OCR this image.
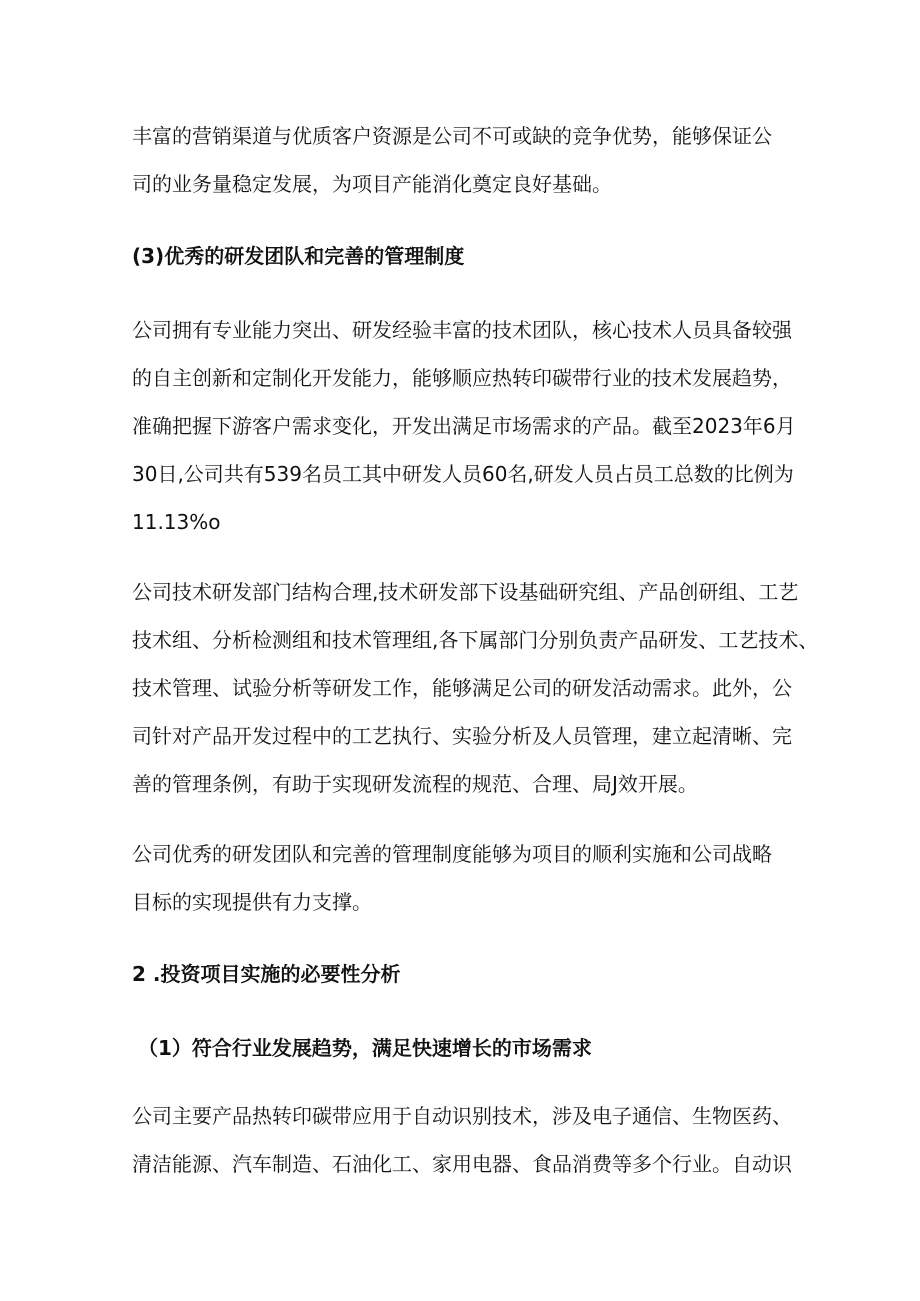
丰富的营销渠道与优质客户资源是公司不可或缺的竞争优势，能够保证公
司的业务量稳定发展，为项目产能消化奠定良好基础。

(3)优秀的研发团队和完善的管理制度

公司拥有专业能力突出、研发经验丰富的技术团队，核心技术人员具备较强
的自主创新和定制化开发能力，能够顺应热转印碳带行业的技术发展趋势，
准确把握下游客户需求变化，开发出满足市场需求的产品。截至2023年6月
30日,公司共有539名员工其中研发人员60名,研发人员占员工总数的比例为
11.13%o

公司技术研发部门结构合理,技术研发部下设基础研究组、产品创研组、工艺
技术组、分析检测组和技术管理组,各下属部门分别负责产品研发、工艺技术、
技术管理、试验分析等研发工作，能够满足公司的研发活动需求。此外，公
司针对产品开发过程中的工艺执行、实验分析及人员管理，建立起清晰、完
善的管理条例，有助于实现研发流程的规范、合理、局J效开展。

公司优秀的研发团队和完善的管理制度能够为项目的顺利实施和公司战略
目标的实现提供有力支撑。

2 .投资项目实施的必要性分析

（1）符合行业发展趋势，满足快速增长的市场需求

公司主要产品热转印碳带应用于自动识别技术，涉及电子通信、生物医药、
清洁能源、汽车制造、石油化工、家用电器、食品消费等多个行业。自动识
